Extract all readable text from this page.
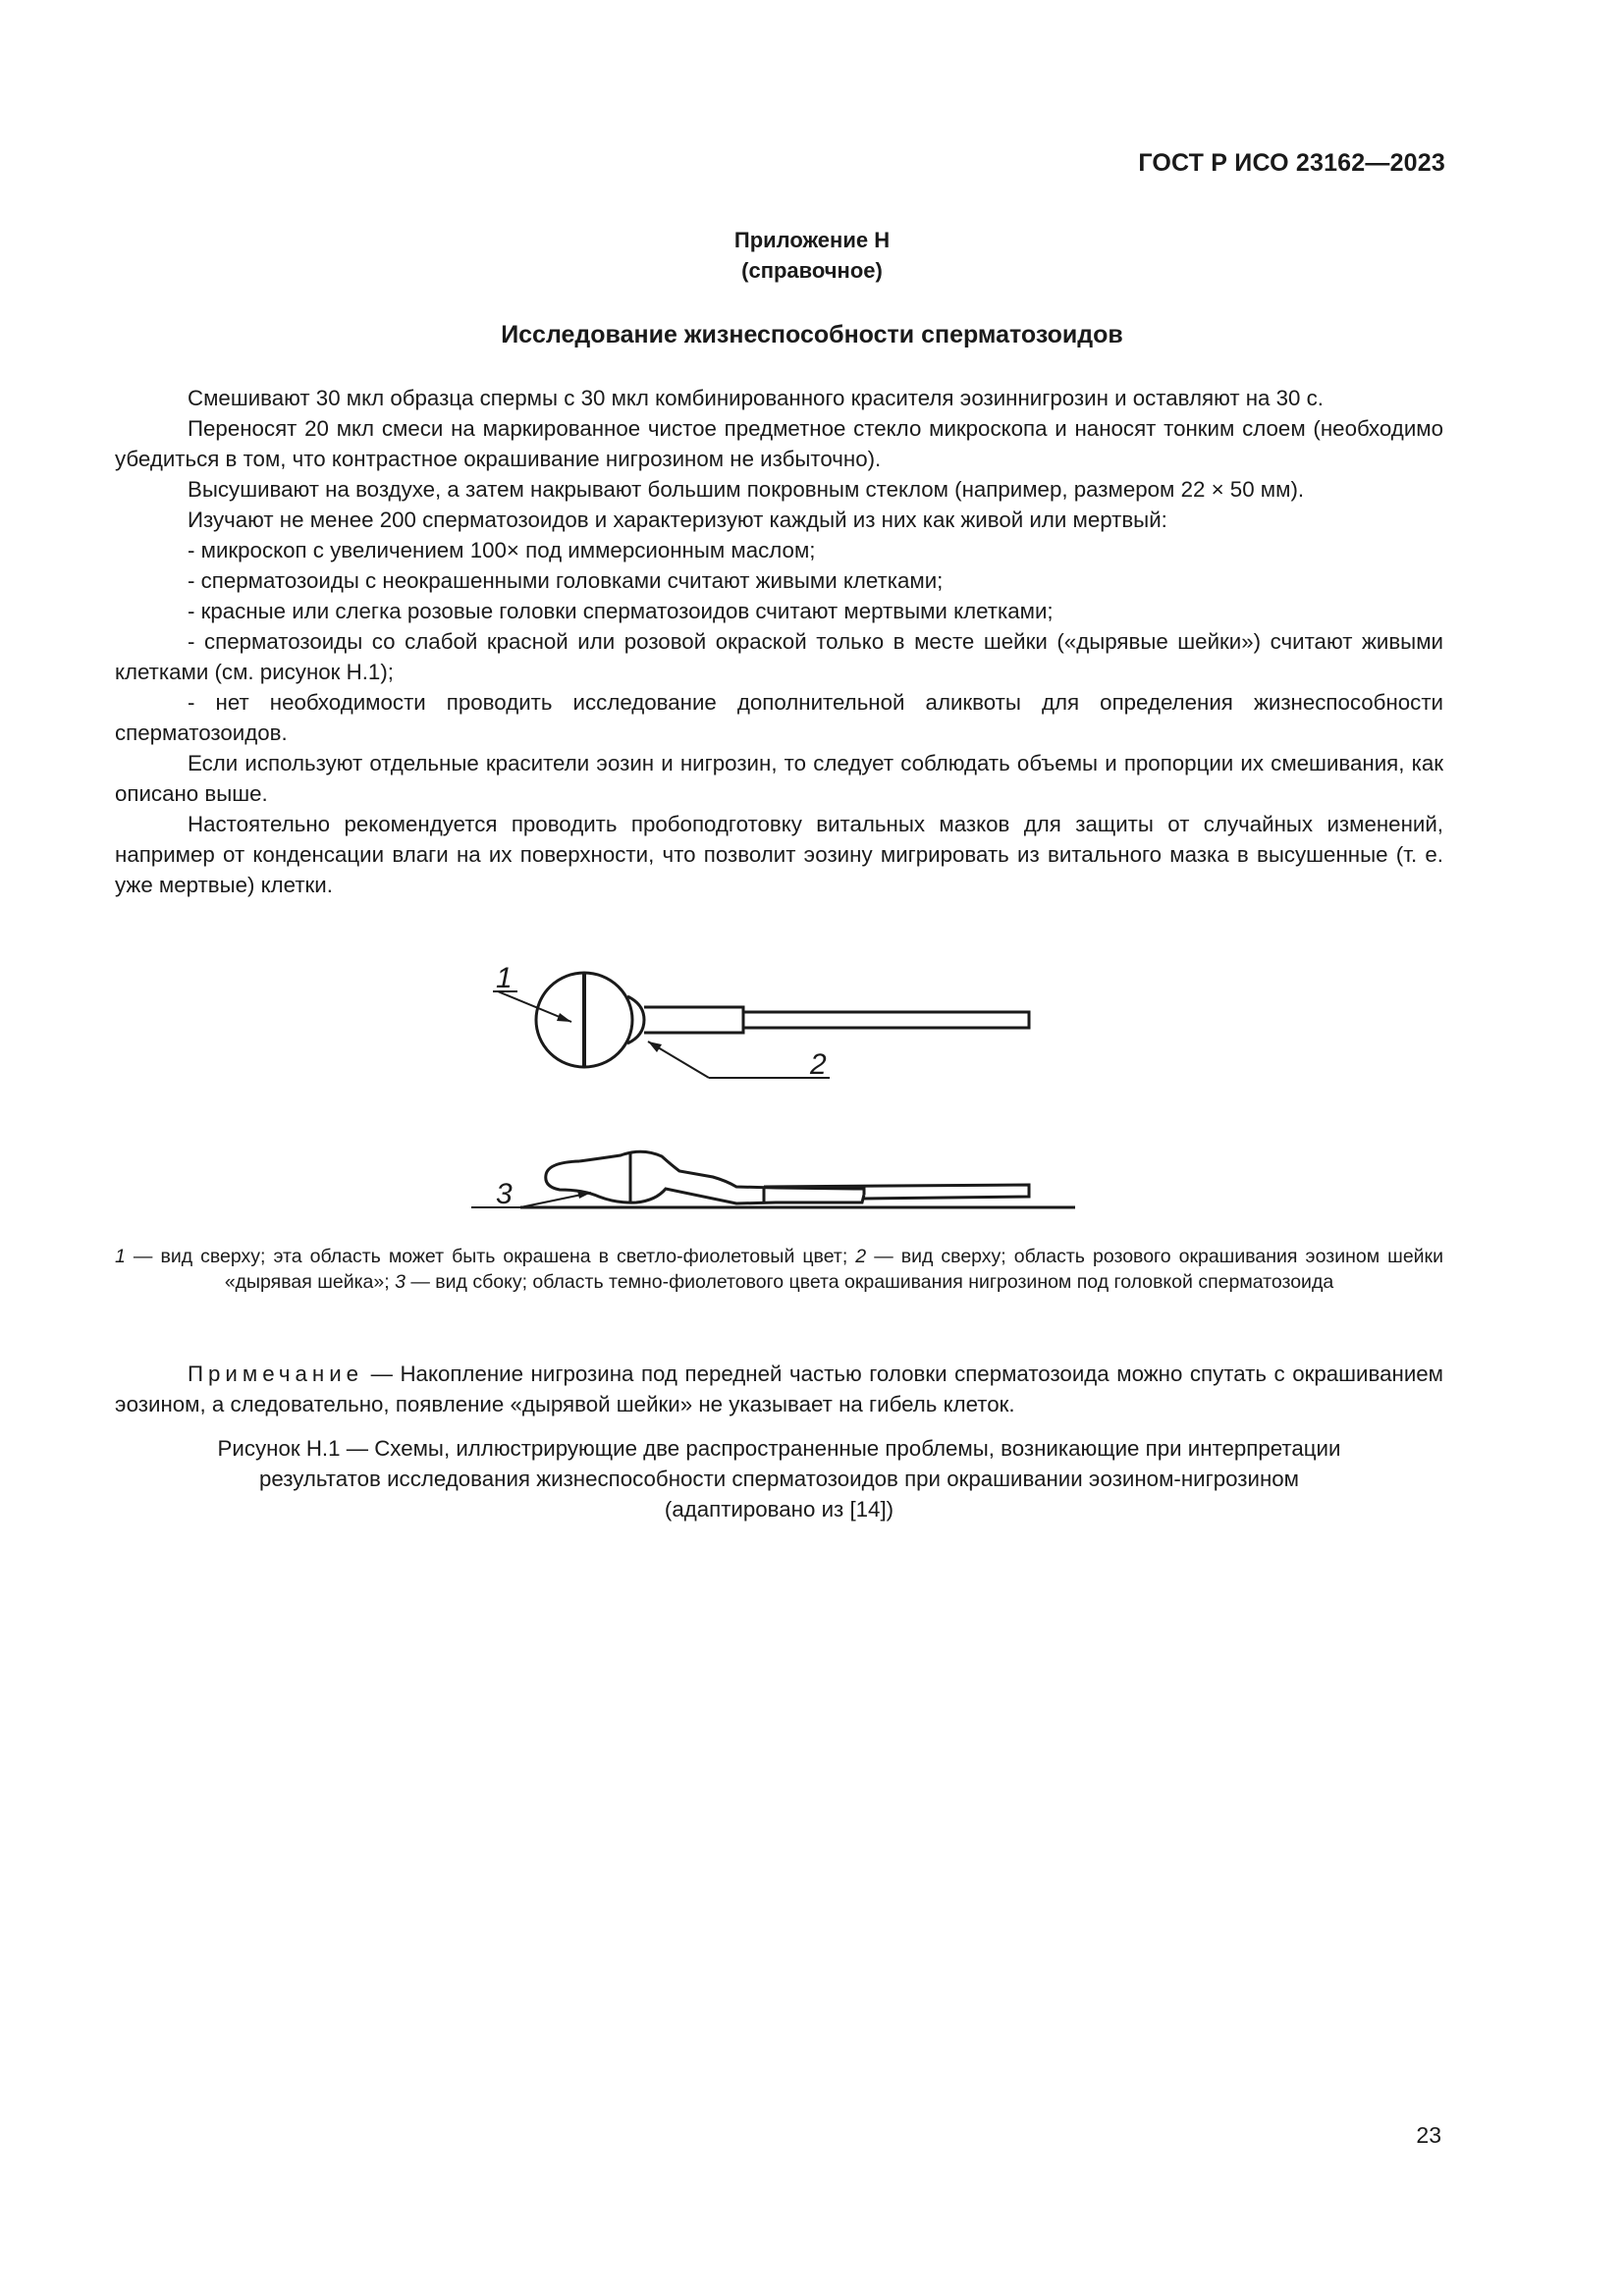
ГОСТ Р ИСО 23162—2023
Приложение Н
(справочное)
Исследование жизнеспособности сперматозоидов

Смешивают 30 мкл образца спермы с 30 мкл комбинированного красителя эозиннигрозин и оставляют на 30 с.

Переносят 20 мкл смеси на маркированное чистое предметное стекло микроскопа и наносят тонким слоем (необходимо убедиться в том, что контрастное окрашивание нигрозином не избыточно).

Высушивают на воздухе, а затем накрывают большим покровным стеклом (например, размером 22 × 50 мм).

Изучают не менее 200 сперматозоидов и характеризуют каждый из них как живой или мертвый:

- микроскоп с увеличением 100× под иммерсионным маслом;

- сперматозоиды с неокрашенными головками считают живыми клетками;

- красные или слегка розовые головки сперматозоидов считают мертвыми клетками;

- сперматозоиды со слабой красной или розовой окраской только в месте шейки («дырявые шейки») считают живыми клетками (см. рисунок Н.1);

- нет необходимости проводить исследование дополнительной аликвоты для определения жизнеспособности сперматозоидов.

Если используют отдельные красители эозин и нигрозин, то следует соблюдать объемы и пропорции их смешивания, как описано выше.

Настоятельно рекомендуется проводить пробоподготовку витальных мазков для защиты от случайных изменений, например от конденсации влаги на их поверхности, что позволит эозину мигрировать из витального мазка в высушенные (т. е. уже мертвые) клетки.

1
2
3
1 — вид сверху; эта область может быть окрашена в светло-фиолетовый цвет; 2 — вид сверху; область розового окрашивания эозином шейки «дырявая шейка»; 3 — вид сбоку; область темно-фиолетового цвета окрашивания нигрозином под головкой сперматозоида
Примечание — Накопление нигрозина под передней частью головки сперматозоида можно спутать с окрашиванием эозином, а следовательно, появление «дырявой шейки» не указывает на гибель клеток.
Рисунок Н.1 — Схемы, иллюстрирующие две распространенные проблемы, возникающие при интерпретации
результатов исследования жизнеспособности сперматозоидов при окрашивании эозином-нигрозином
(адаптировано из [14])
23
